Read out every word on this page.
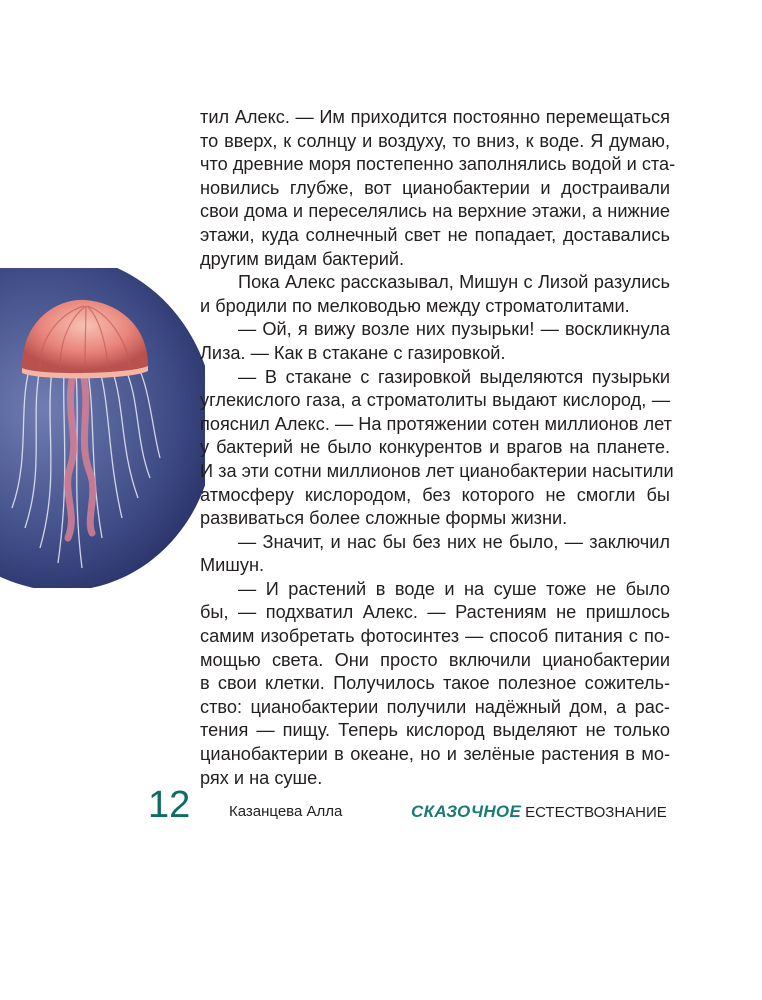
тил Алекс. — Им приходится постоянно перемещаться
то вверх, к солнцу и воздуху, то вниз, к воде. Я думаю,
что древние моря постепенно заполнялись водой и ста-
новились глубже, вот цианобактерии и достраивали
свои дома и переселялись на верхние этажи, а нижние
этажи, куда солнечный свет не попадает, доставались
другим видам бактерий.
Пока Алекс рассказывал, Мишун с Лизой разулись
и бродили по мелководью между строматолитами.
— Ой, я вижу возле них пузырьки! — воскликнула
Лиза. — Как в стакане с газировкой.
— В стакане с газировкой выделяются пузырьки
углекислого газа, а строматолиты выдают кислород, —
пояснил Алекс. — На протяжении сотен миллионов лет
у бактерий не было конкурентов и врагов на планете.
И за эти сотни миллионов лет цианобактерии насытили
атмосферу кислородом, без которого не смогли бы
развиваться более сложные формы жизни.
— Значит, и нас бы без них не было, — заключил
Мишун.
— И растений в воде и на суше тоже не было
бы, — подхватил Алекс. — Растениям не пришлось
самим изобретать фотосинтез — способ питания с по-
мощью света. Они просто включили цианобактерии
в свои клетки. Получилось такое полезное сожитель-
ство: цианобактерии получили надёжный дом, а рас-
тения — пищу. Теперь кислород выделяют не только
цианобактерии в океане, но и зелёные растения в мо-
рях и на суше.
12	Казанцева Алла	СКАЗОЧНОЕ ЕСТЕСТВОЗНАНИЕ
